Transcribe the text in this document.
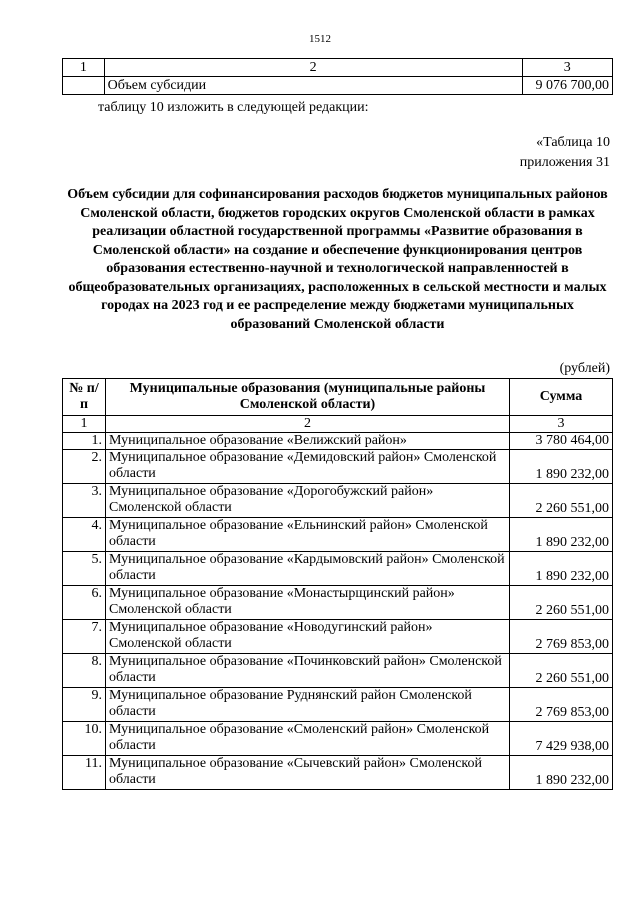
1512
1	2	3
	Объем субсидии	9 076 700,00
таблицу 10 изложить в следующей редакции:
«Таблица 10
приложения 31
Объем субсидии для софинансирования расходов бюджетов муниципальных районов Смоленской области, бюджетов городских округов Смоленской области в рамках реализации областной государственной программы «Развитие образования в Смоленской области» на создание и обеспечение функционирования центров образования естественно-научной и технологической направленностей в общеобразовательных организациях, расположенных в сельской местности и малых городах на 2023 год и ее распределение между бюджетами муниципальных образований Смоленской области
(рублей)
№ п/п	Муниципальные образования (муниципальные районы Смоленской области)	Сумма
1	2	3
1.	Муниципальное образование «Велижский район»	3 780 464,00
2.	Муниципальное образование «Демидовский район» Смоленской области	1 890 232,00
3.	Муниципальное образование «Дорогобужский район» Смоленской области	2 260 551,00
4.	Муниципальное образование «Ельнинский район» Смоленской области	1 890 232,00
5.	Муниципальное образование «Кардымовский район» Смоленской области	1 890 232,00
6.	Муниципальное образование «Монастырщинский район» Смоленской области	2 260 551,00
7.	Муниципальное образование «Новодугинский район» Смоленской области	2 769 853,00
8.	Муниципальное образование «Починковский район» Смоленской области	2 260 551,00
9.	Муниципальное образование Руднянский район Смоленской области	2 769 853,00
10.	Муниципальное образование «Смоленский район» Смоленской области	7 429 938,00
11.	Муниципальное образование «Сычевский район» Смоленской области	1 890 232,00
